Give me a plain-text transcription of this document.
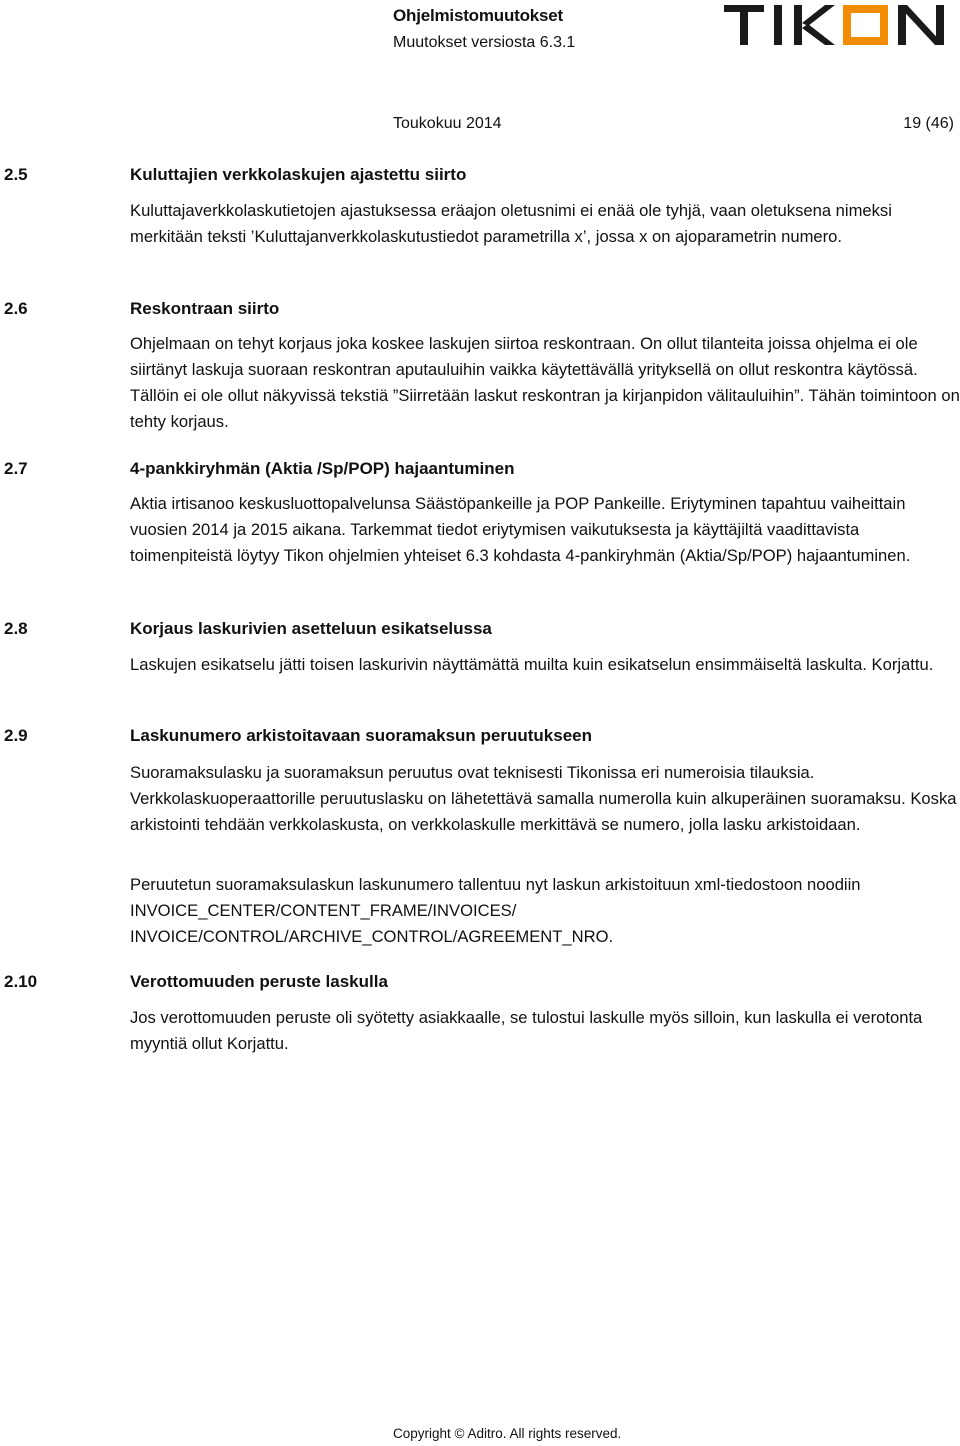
Ohjelmistomuutokset
Muutokset versiosta 6.3.1
Toukokuu 2014	19 (46)
2.5	Kuluttajien verkkolaskujen ajastettu siirto

Kuluttajaverkkolaskutietojen ajastuksessa eräajon oletusnimi ei enää ole tyhjä, vaan oletuksena nimeksi merkitään teksti ’Kuluttajanverkkolaskutustiedot parametrilla x’, jossa x on ajoparametrin numero.

2.6	Reskontraan siirto

Ohjelmaan on tehyt korjaus joka koskee laskujen siirtoa reskontraan. On ollut tilanteita joissa ohjelma ei ole siirtänyt laskuja suoraan reskontran aputauluihin vaikka käytettävällä yrityksellä on ollut reskontra käytössä. Tällöin ei ole ollut näkyvissä tekstiä ”Siirretään laskut reskontran ja kirjanpidon välitauluihin”. Tähän toimintoon on tehty korjaus.

2.7	4-pankkiryhmän (Aktia /Sp/POP) hajaantuminen

Aktia irtisanoo keskusluottopalvelunsa Säästöpankeille ja POP Pankeille. Eriytyminen tapahtuu vaiheittain vuosien 2014 ja 2015 aikana. Tarkemmat tiedot eriytymisen vaikutuksesta ja käyttäjiltä vaadittavista toimenpiteistä löytyy Tikon ohjelmien yhteiset 6.3 kohdasta 4-pankiryhmän (Aktia/Sp/POP) hajaantuminen.

2.8	Korjaus laskurivien asetteluun esikatselussa

Laskujen esikatselu jätti toisen laskurivin näyttämättä muilta kuin esikatselun ensimmäiseltä laskulta. Korjattu.

2.9	Laskunumero arkistoitavaan suoramaksun peruutukseen

Suoramaksulasku ja suoramaksun peruutus ovat teknisesti Tikonissa eri numeroisia tilauksia. Verkkolaskuoperaattorille peruutuslasku on lähetettävä samalla numerolla kuin alkuperäinen suoramaksu. Koska arkistointi tehdään verkkolaskusta, on verkkolaskulle merkittävä se numero, jolla lasku arkistoidaan.

Peruutetun suoramaksulaskun laskunumero tallentuu nyt laskun arkistoituun xml-tiedostoon noodiin INVOICE_CENTER/CONTENT_FRAME/INVOICES/ INVOICE/CONTROL/ARCHIVE_CONTROL/AGREEMENT_NRO.

2.10	Verottomuuden peruste laskulla

Jos verottomuuden peruste oli syötetty asiakkaalle, se tulostui laskulle myös silloin, kun laskulla ei verotonta myyntiä ollut Korjattu.

Copyright © Aditro. All rights reserved.
